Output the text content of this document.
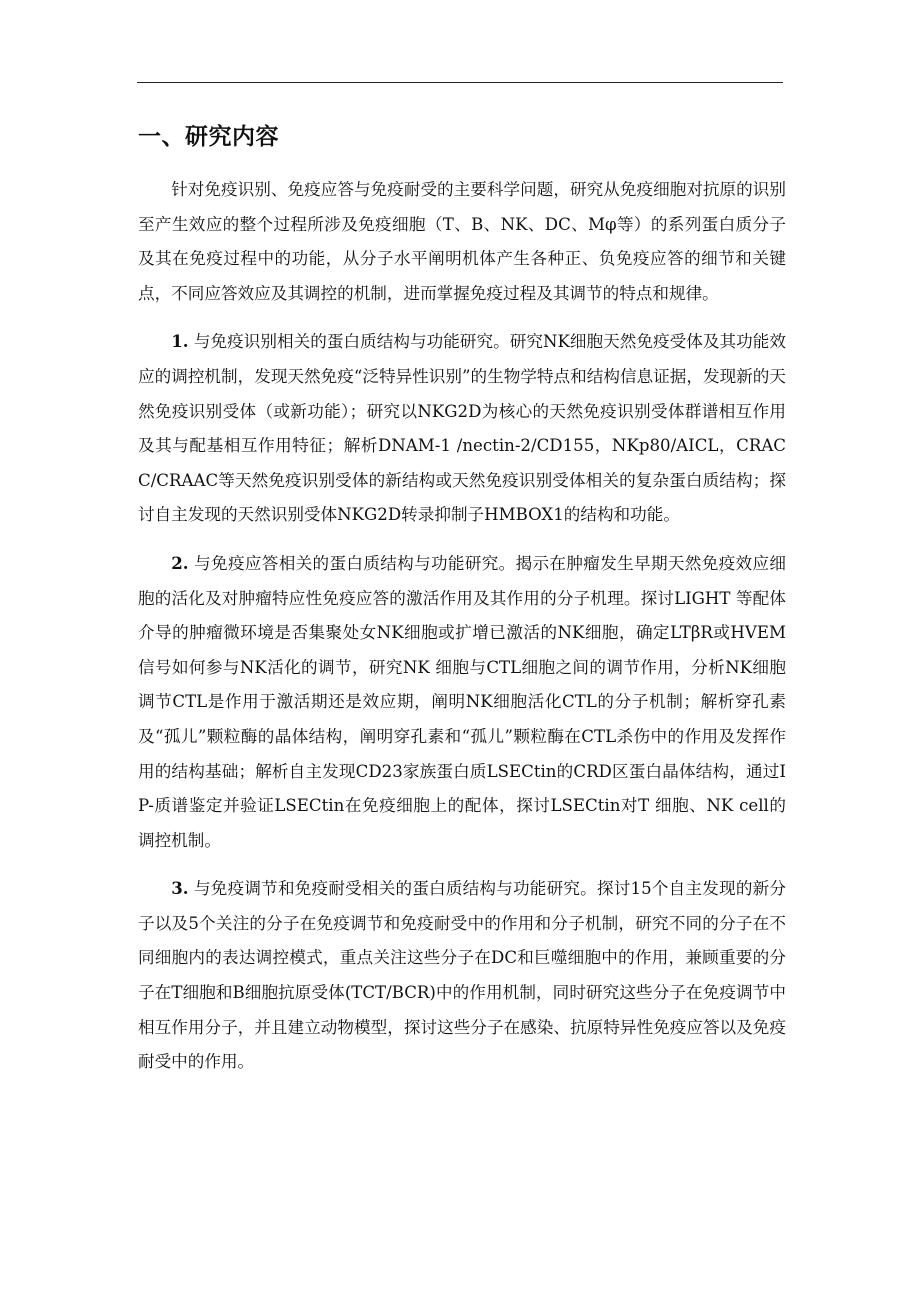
一、研究内容

针对免疫识别、免疫应答与免疫耐受的主要科学问题，研究从免疫细胞对抗原的识别至产生效应的整个过程所涉及免疫细胞（T、B、NK、DC、Mφ等）的系列蛋白质分子及其在免疫过程中的功能，从分子水平阐明机体产生各种正、负免疫应答的细节和关键点，不同应答效应及其调控的机制，进而掌握免疫过程及其调节的特点和规律。

1. 与免疫识别相关的蛋白质结构与功能研究。研究NK细胞天然免疫受体及其功能效应的调控机制，发现天然免疫“泛特异性识别”的生物学特点和结构信息证据，发现新的天然免疫识别受体（或新功能）；研究以NKG2D为核心的天然免疫识别受体群谱相互作用及其与配基相互作用特征；解析DNAM-1 /nectin-2/CD155，NKp80/AICL，CRACC/CRAAC等天然免疫识别受体的新结构或天然免疫识别受体相关的复杂蛋白质结构；探讨自主发现的天然识别受体NKG2D转录抑制子HMBOX1的结构和功能。

2. 与免疫应答相关的蛋白质结构与功能研究。揭示在肿瘤发生早期天然免疫效应细胞的活化及对肿瘤特应性免疫应答的激活作用及其作用的分子机理。探讨LIGHT 等配体介导的肿瘤微环境是否集聚处女NK细胞或扩增已激活的NK细胞，确定LTβR或HVEM信号如何参与NK活化的调节，研究NK 细胞与CTL细胞之间的调节作用，分析NK细胞调节CTL是作用于激活期还是效应期，阐明NK细胞活化CTL的分子机制；解析穿孔素及“孤儿”颗粒酶的晶体结构，阐明穿孔素和“孤儿”颗粒酶在CTL杀伤中的作用及发挥作用的结构基础；解析自主发现CD23家族蛋白质LSECtin的CRD区蛋白晶体结构，通过IP-质谱鉴定并验证LSECtin在免疫细胞上的配体，探讨LSECtin对T 细胞、NK cell的调控机制。

3. 与免疫调节和免疫耐受相关的蛋白质结构与功能研究。探讨15个自主发现的新分子以及5个关注的分子在免疫调节和免疫耐受中的作用和分子机制，研究不同的分子在不同细胞内的表达调控模式，重点关注这些分子在DC和巨噬细胞中的作用，兼顾重要的分子在T细胞和B细胞抗原受体(TCT/BCR)中的作用机制，同时研究这些分子在免疫调节中相互作用分子，并且建立动物模型，探讨这些分子在感染、抗原特异性免疫应答以及免疫耐受中的作用。
